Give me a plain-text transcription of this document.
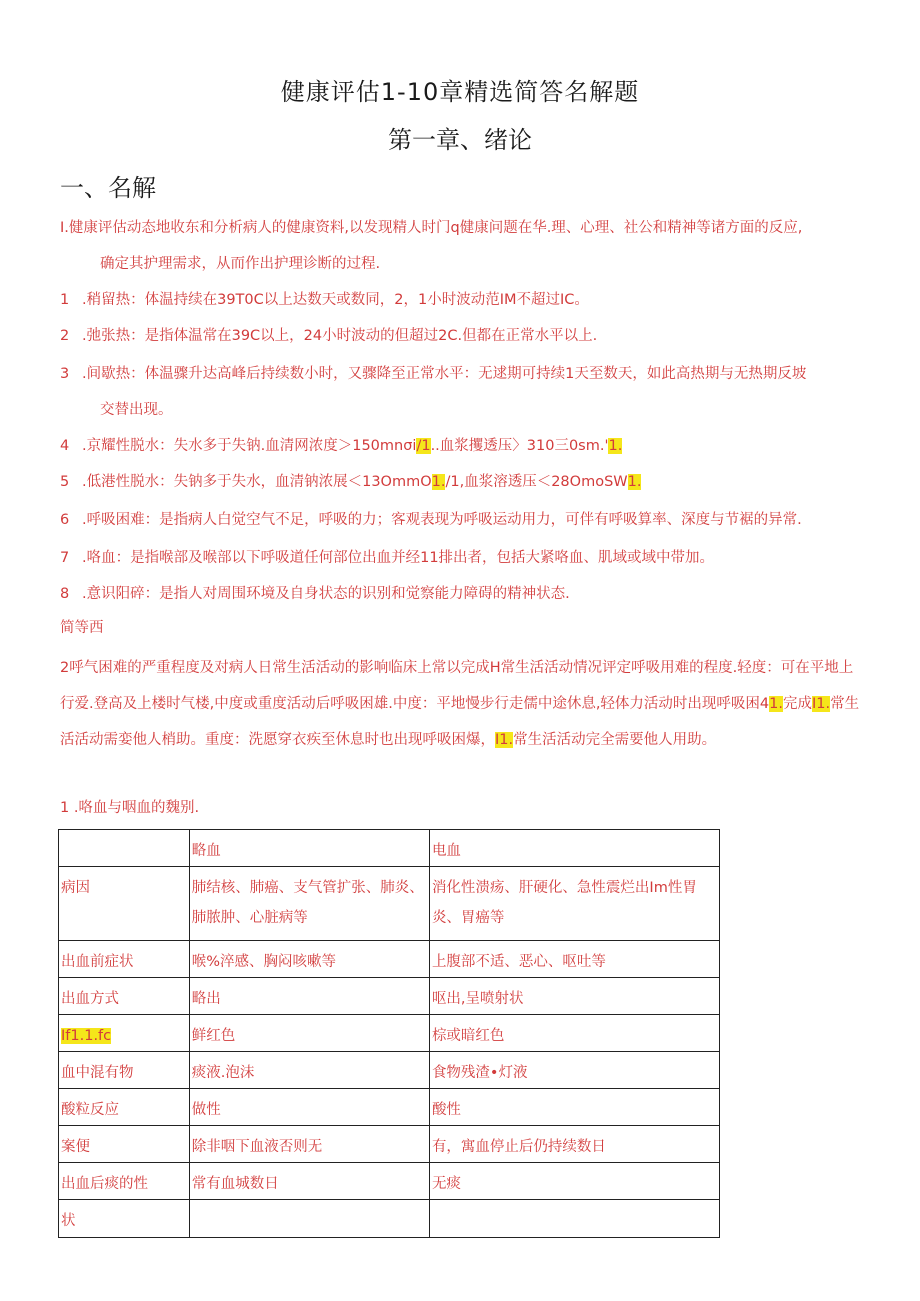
健康评估1-10章精选简答名解题
第一章、绪论
一、名解
I.健康评估动态地收东和分析病人的健康资料,以发现精人时门q健康问题在华.理、心理、社公和精神等诸方面的反应,
确定其护理需求，从而作出护理诊断的过程.
1 .稍留热：体温持续在39T0C以上达数天或数同，2，1小时波动范IM不超过IC。
2 .弛张热：是指体温常在39C以上，24小时波动的但超过2C.但都在正常水平以上.
3 .间歇热：体温骤升达高峰后持续数小时，又骤降至正常水平：无逑期可持续1天至数天，如此高热期与无热期反坡
交替出现。
4 .京耀性脱水：失水多于失钠.血清网浓度＞150mnσi/1..血浆攫透压〉310三0sm.'1.
5 .低港性脱水：失钠多于失水，血清钠浓展＜13OmmO1./1,血浆溶透压＜28OmoSW1.
6 .呼吸困难：是指病人白觉空气不足，呼吸的力；客观表现为呼吸运动用力，可伴有呼吸算率、深度与节裾的异常.
7 .咯血：是指喉部及喉部以下呼吸道任何部位出血并经11排出者，包括大紧咯血、肌域或域中带加。
8 .意识阳碎：是指人对周围环境及自身状态的识别和觉察能力障碍的精神状态.
简等西
2呼气困难的严重程度及对病人日常生活活动的影响临床上常以完成H常生活活动情况评定呼吸用难的程度.轻度：可在平地上行爱.登高及上楼时气楼,中度或重度活动后呼吸困雄.中度：平地慢步行走儒中途休息,轻体力活动时出现呼吸困41.完成I1.常生活活动需娈他人梢助。重度：洗愿穿衣疾至休息时也出现呼吸困爆，I1.常生活活动完全需要他人用助。
1 .咯血与咽血的魏别.
	略血	电血
病因	肺结核、肺癌、支气管扩张、肺炎、肺脓肿、心脏病等	消化性溃疡、肝硬化、急性震烂出Im性胃炎、胃癌等
出血前症状	喉%淬感、胸闷咳嗽等	上腹部不适、恶心、呕吐等
出血方式	略出	呕出,呈喷射状
If1.1.fc	鲜红色	棕或暗红色
血中混有物	痰液.泡沫	食物残渣•灯液
酸粒反应	做性	酸性
案便	除非咽下血液否则无	有，寓血停止后仍持续数日
出血后痰的性	常有血城数日	无痰
状		
